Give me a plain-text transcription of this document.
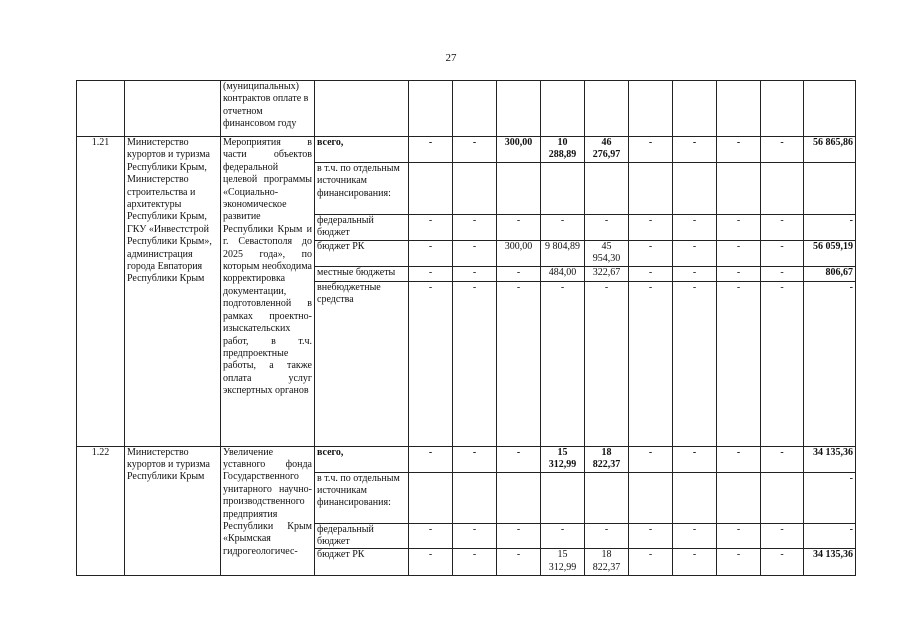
27
		(муниципальных) контрактов оплате в отчетном финансовом году											
1.21	Министерство курортов и туризма Республики Крым, Министерство строительства и архитектуры Республики Крым, ГКУ «Инвестстрой Республики Крым», администрация города Евпатория Республики Крым	Мероприятия в части объектов федеральной целевой программы «Социально-экономическое развитие Республики Крым и г. Севастополя до 2025 года», по которым необходима корректировка документации, подготовленной в рамках проектно-изыскательских работ, в т.ч. предпроектные работы, а также оплата услуг экспертных органов	всего,	-	-	300,00	10 288,89	46 276,97	-	-	-	-	56 865,86
			в т.ч. по отдельным источникам финансирования:										
			федеральный бюджет	-	-	-	-	-	-	-	-	-	-
			бюджет РК	-	-	300,00	9 804,89	45 954,30	-	-	-	-	56 059,19
			местные бюджеты	-	-	-	484,00	322,67	-	-	-	-	806,67
			внебюджетные средства	-	-	-	-	-	-	-	-	-	-
1.22	Министерство курортов и туризма Республики Крым	Увеличение уставного фонда Государственного унитарного научно-производственного предприятия Республики Крым «Крымская гидрогеологичес-	всего,	-	-	-	15 312,99	18 822,37	-	-	-	-	34 135,36
			в т.ч. по отдельным источникам финансирования:										-
			федеральный бюджет	-	-	-	-	-	-	-	-	-	-
			бюджет РК	-	-	-	15 312,99	18 822,37	-	-	-	-	34 135,36
